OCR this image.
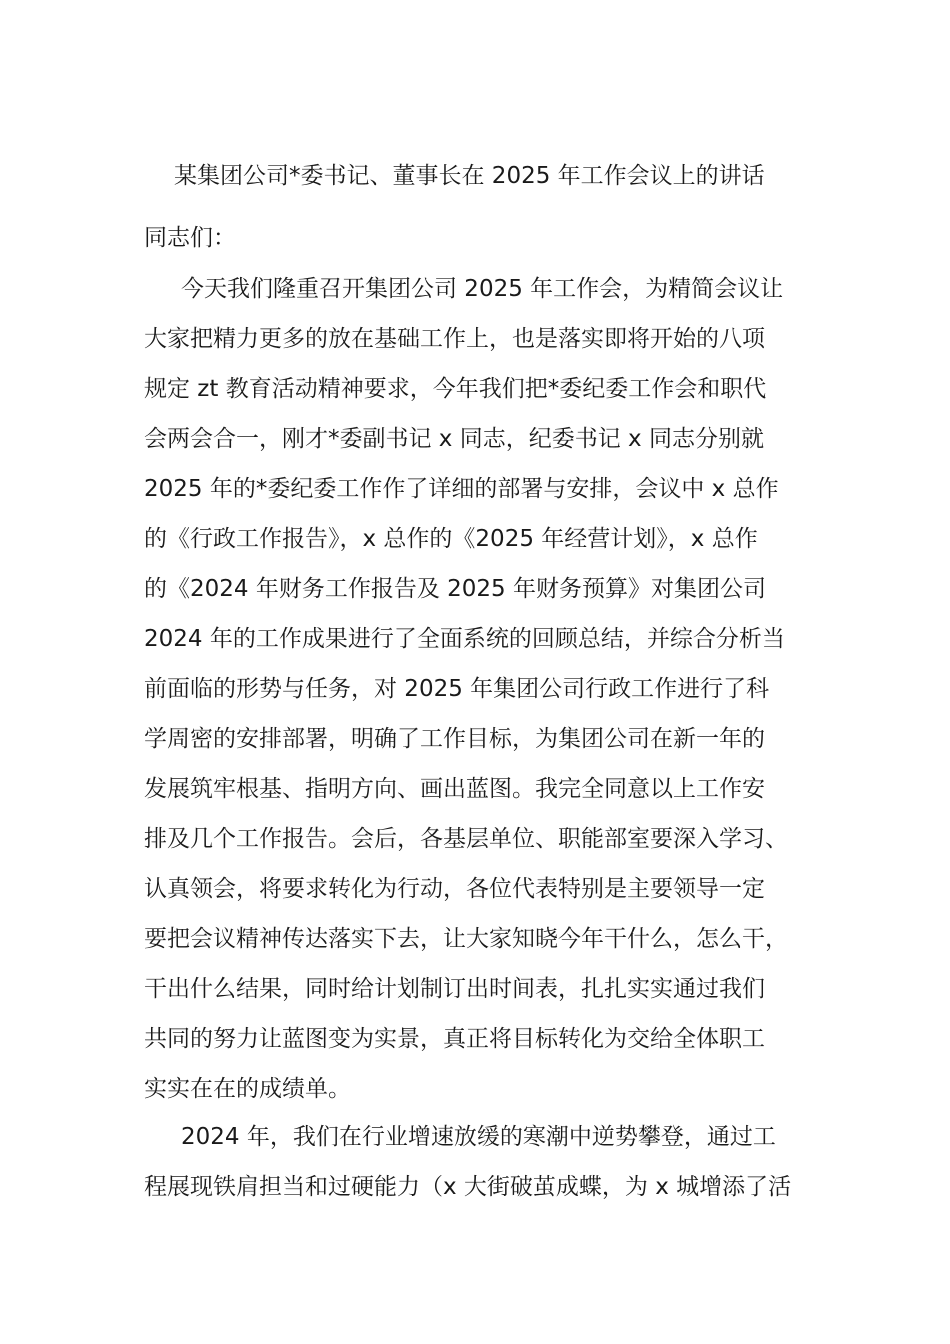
某集团公司*委书记、董事长在 2025 年工作会议上的讲话

同志们：

今天我们隆重召开集团公司 2025 年工作会，为精简会议让
大家把精力更多的放在基础工作上，也是落实即将开始的八项
规定 zt 教育活动精神要求，今年我们把*委纪委工作会和职代
会两会合一，刚才*委副书记 x 同志，纪委书记 x 同志分别就
2025 年的*委纪委工作作了详细的部署与安排，会议中 x 总作
的《行政工作报告》，x 总作的《2025 年经营计划》，x 总作
的《2024 年财务工作报告及 2025 年财务预算》对集团公司
2024 年的工作成果进行了全面系统的回顾总结，并综合分析当
前面临的形势与任务，对 2025 年集团公司行政工作进行了科
学周密的安排部署，明确了工作目标，为集团公司在新一年的
发展筑牢根基、指明方向、画出蓝图。我完全同意以上工作安
排及几个工作报告。会后，各基层单位、职能部室要深入学习、
认真领会，将要求转化为行动，各位代表特别是主要领导一定
要把会议精神传达落实下去，让大家知晓今年干什么，怎么干，
干出什么结果，同时给计划制订出时间表，扎扎实实通过我们
共同的努力让蓝图变为实景，真正将目标转化为交给全体职工
实实在在的成绩单。
2024 年，我们在行业增速放缓的寒潮中逆势攀登，通过工
程展现铁肩担当和过硬能力（x 大街破茧成蝶，为 x 城增添了活
